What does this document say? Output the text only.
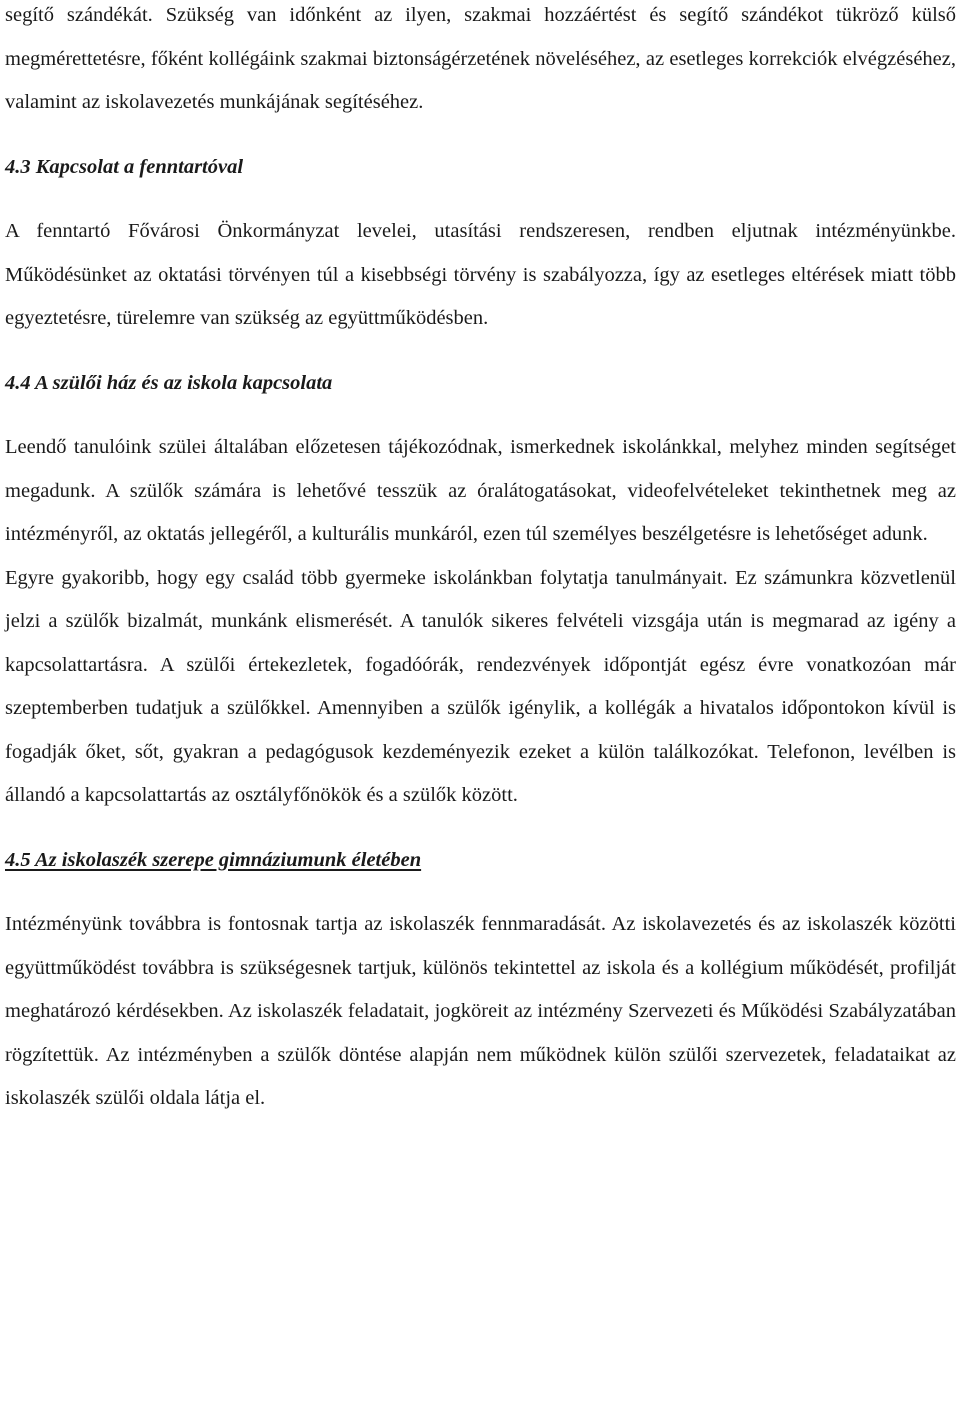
segítő szándékát. Szükség van időnként az ilyen, szakmai hozzáértést és segítő szándékot tükröző külső megmérettetésre, főként kollégáink szakmai biztonságérzetének növeléséhez, az esetleges korrekciók elvégzéséhez, valamint az iskolavezetés munkájának segítéséhez.

4.3 Kapcsolat a fenntartóval

A fenntartó Fővárosi Önkormányzat levelei, utasítási rendszeresen, rendben eljutnak intézményünkbe. Működésünket az oktatási törvényen túl a kisebbségi törvény is szabályozza, így az esetleges eltérések miatt több egyeztetésre, türelemre van szükség az együttműködésben.

4.4 A szülői ház és az iskola kapcsolata

Leendő tanulóink szülei általában előzetesen tájékozódnak, ismerkednek iskolánkkal, melyhez minden segítséget megadunk. A szülők számára is lehetővé tesszük az óralátogatásokat, videofelvételeket tekinthetnek meg az intézményről, az oktatás jellegéről, a kulturális munkáról, ezen túl személyes beszélgetésre is lehetőséget adunk.

Egyre gyakoribb, hogy egy család több gyermeke iskolánkban folytatja tanulmányait. Ez számunkra közvetlenül jelzi a szülők bizalmát, munkánk elismerését. A tanulók sikeres felvételi vizsgája után is megmarad az igény a kapcsolattartásra. A szülői értekezletek, fogadóórák, rendezvények időpontját egész évre vonatkozóan már szeptemberben tudatjuk a szülőkkel. Amennyiben a szülők igénylik, a kollégák a hivatalos időpontokon kívül is fogadják őket, sőt, gyakran a pedagógusok kezdeményezik ezeket a külön találkozókat. Telefonon, levélben is állandó a kapcsolattartás az osztályfőnökök és a szülők között.

4.5 Az iskolaszék szerepe gimnáziumunk életében

Intézményünk továbbra is fontosnak tartja az iskolaszék fennmaradását. Az iskolavezetés és az iskolaszék közötti együttműködést továbbra is szükségesnek tartjuk, különös tekintettel az iskola és a kollégium működését, profilját meghatározó kérdésekben. Az iskolaszék feladatait, jogköreit az intézmény Szervezeti és Működési Szabályzatában rögzítettük. Az intézményben a szülők döntése alapján nem működnek külön szülői szervezetek, feladataikat az iskolaszék szülői oldala látja el.
